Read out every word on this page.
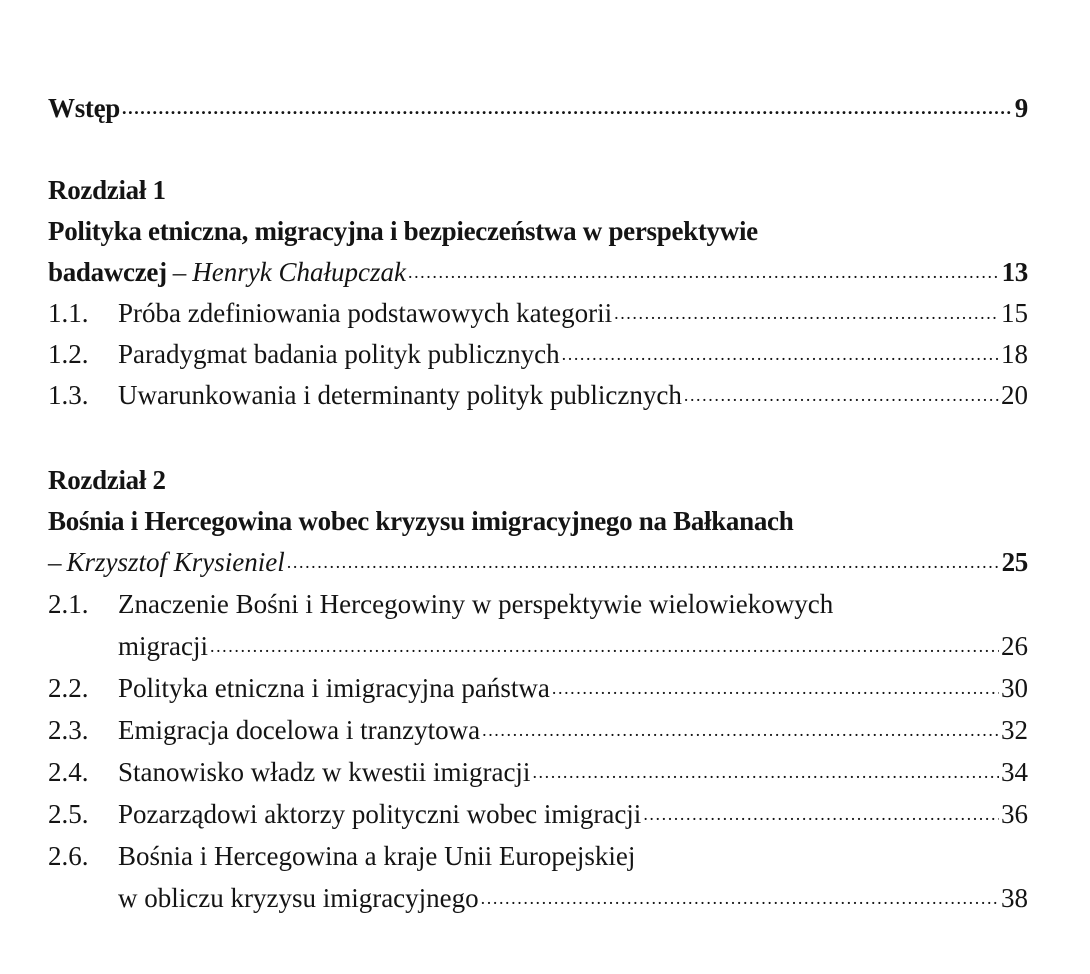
Wstęp .....	9
Rozdział 1
Polityka etniczna, migracyjna i bezpieczeństwa w perspektywie
badawczej – Henryk Chałupczak .....	13
1.1.	Próba zdefiniowania podstawowych kategorii .....	15
1.2.	Paradygmat badania polityk publicznych .....	18
1.3.	Uwarunkowania i determinanty polityk publicznych .....	20
Rozdział 2
Bośnia i Hercegowina wobec kryzysu imigracyjnego na Bałkanach
– Krzysztof Krysieniel .....	25
2.1.	Znaczenie Bośni i Hercegowiny w perspektywie wielowiekowych
migracji .....	26
2.2.	Polityka etniczna i imigracyjna państwa .....	30
2.3.	Emigracja docelowa i tranzytowa .....	32
2.4.	Stanowisko władz w kwestii imigracji .....	34
2.5.	Pozarządowi aktorzy polityczni wobec imigracji .....	36
2.6.	Bośnia i Hercegowina a kraje Unii Europejskiej
w obliczu kryzysu imigracyjnego .....	38
